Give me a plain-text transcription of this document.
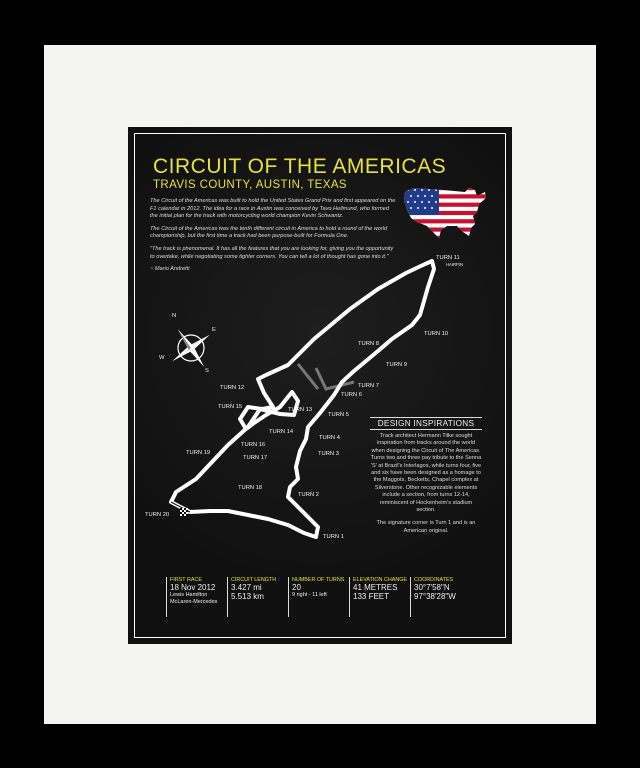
CIRCUIT OF THE AMERICAS
TRAVIS COUNTY, AUSTIN, TEXAS

The Circuit of the Americas was built to hold the United States Grand Prix and first appeared on the F1 calendar in 2012. The idea for a race in Austin was conceived by Tavo Hellmund, who formed the initial plan for the track with motorcycling world champion Kevin Schwantz.

The Circuit of the Americas was the tenth different circuit in America to hold a round of the world championship, but the first time a track had been purpose-built for Formula One.

"The track is phenomenal. It has all the features that you are looking for, giving you the opportunity to overtake, while negotiating some tighter corners. You can tell a lot of thought has gone into it."

~ Mario Andretti

N
E
S
W
TURN 1
TURN 2
TURN 3
TURN 4
TURN 5
TURN 6
TURN 7
TURN 8
TURN 9
TURN 10
TURN 11
HAIRPIN
TURN 12
TURN 13
TURN 14
TURN 15
TURN 16
TURN 17
TURN 18
TURN 19
TURN 20
DESIGN INSPIRATIONS

Track architect Hermann Tilke sought inspiration from tracks around the world when designing the Circuit of The Americas. Turns two and three pay tribute to the Senna 'S' at Brazil's Interlagos, while turns four, five and six have been designed as a homage to the Maggots, Becketts, Chapel complex at Silverstone. Other recognizable elements include a section, from turns 12-14, reminiscent of Hockenheim's stadium section.

The signature corner is Turn 1 and is an American original.

FIRST RACE
18 Nov 2012
Lewis Hamilton
McLaren-Mercedes
CIRCUIT LENGTH
3.427 mi
5.513 km
NUMBER OF TURNS
20
9 right - 11 left
ELEVATION CHANGE
41 METRES
133 FEET
COORDINATES
30°7'58"N
97°38'28"W
